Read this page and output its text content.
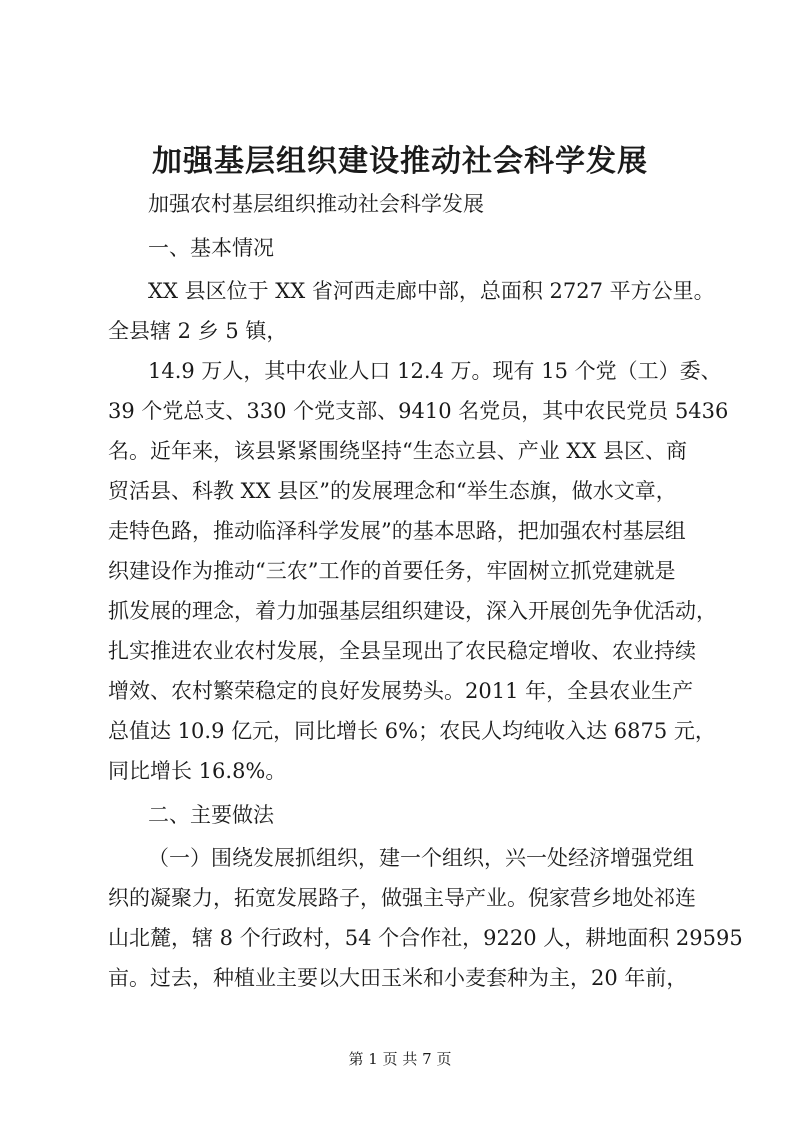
加强基层组织建设推动社会科学发展
加强农村基层组织推动社会科学发展
一、基本情况
XX 县区位于 XX 省河西走廊中部，总面积 2727 平方公里。
全县辖 2 乡 5 镇，
14.9 万人，其中农业人口 12.4 万。现有 15 个党（工）委、
39 个党总支、330 个党支部、9410 名党员，其中农民党员 5436
名。近年来，该县紧紧围绕坚持“生态立县、产业 XX 县区、商
贸活县、科教 XX 县区”的发展理念和“举生态旗，做水文章，
走特色路，推动临泽科学发展”的基本思路，把加强农村基层组
织建设作为推动“三农”工作的首要任务，牢固树立抓党建就是
抓发展的理念，着力加强基层组织建设，深入开展创先争优活动，
扎实推进农业农村发展，全县呈现出了农民稳定增收、农业持续
增效、农村繁荣稳定的良好发展势头。2011 年，全县农业生产
总值达 10.9 亿元，同比增长 6%；农民人均纯收入达 6875 元，
同比增长 16.8%。
二、主要做法
（一）围绕发展抓组织，建一个组织，兴一处经济增强党组
织的凝聚力，拓宽发展路子，做强主导产业。倪家营乡地处祁连
山北麓，辖 8 个行政村，54 个合作社，9220 人，耕地面积 29595
亩。过去，种植业主要以大田玉米和小麦套种为主，20 年前，
第 1 页 共 7 页
